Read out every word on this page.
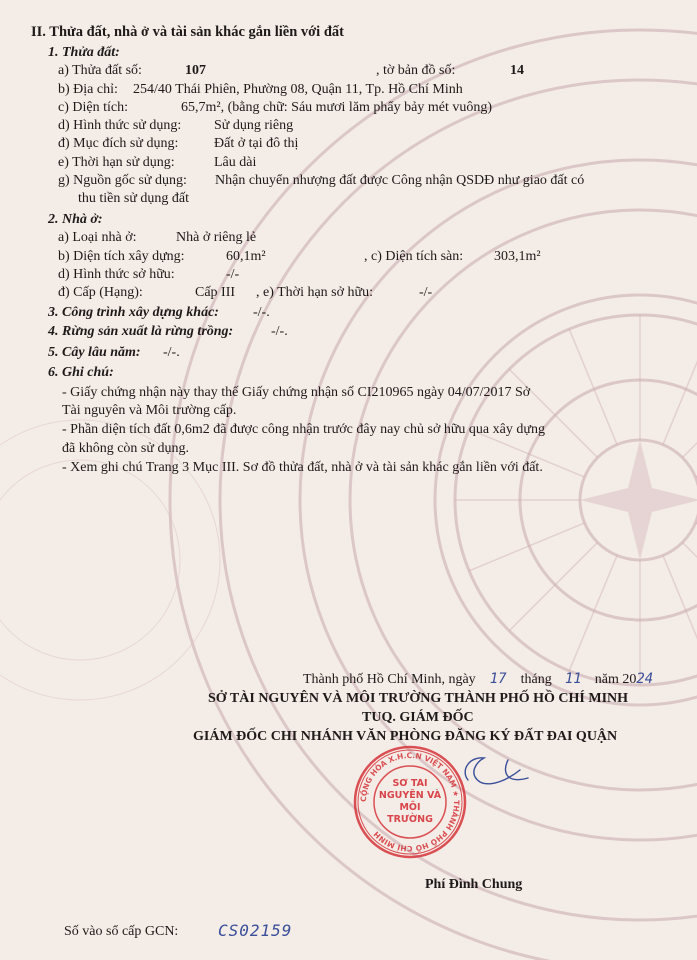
II. Thửa đất, nhà ở và tài sản khác gắn liền với đất
1. Thửa đất:
a) Thửa đất số:	107	, tờ bản đồ số:	14
b) Địa chỉ: 254/40 Thái Phiên, Phường 08, Quận 11, Tp. Hồ Chí Minh
c) Diện tích:	65,7m², (bằng chữ: Sáu mươi lăm phẩy bảy mét vuông)
d) Hình thức sử dụng: Sử dụng riêng
đ) Mục đích sử dụng:	Đất ở tại đô thị
e) Thời hạn sử dụng:	Lâu dài
g) Nguồn gốc sử dụng: Nhận chuyển nhượng đất được Công nhận QSDĐ như giao đất có
thu tiền sử dụng đất
2. Nhà ở:
a) Loại nhà ở:	Nhà ở riêng lẻ
b) Diện tích xây dựng:	60,1m²	, c) Diện tích sàn: 303,1m²
d) Hình thức sở hữu:	-/-
đ) Cấp (Hạng):	Cấp III , e) Thời hạn sở hữu:	-/-
3. Công trình xây dựng khác: -/-.
4. Rừng sản xuất là rừng trồng:	-/-.
5. Cây lâu năm: -/-.
6. Ghi chú:
- Giấy chứng nhận này thay thế Giấy chứng nhận số CI210965 ngày 04/07/2017 Sở
Tài nguyên và Môi trường cấp.
- Phần diện tích đất 0,6m2 đã được công nhận trước đây nay chủ sở hữu qua xây dựng
đã không còn sử dụng.
- Xem ghi chú Trang 3 Mục III. Sơ đồ thửa đất, nhà ở và tài sản khác gắn liền với đất.
Thành phố Hồ Chí Minh, ngày 17 tháng 11 năm 2024
SỞ TÀI NGUYÊN VÀ MÔI TRƯỜNG THÀNH PHỐ HỒ CHÍ MINH
TUQ. GIÁM ĐỐC
GIÁM ĐỐC CHI NHÁNH VĂN PHÒNG ĐĂNG KÝ ĐẤT ĐAI QUẬN
Phí Đình Chung
Số vào sổ cấp GCN: CS02159
CỘNG HÒA X.H.C.N VIỆT NAM ★ THÀNH PHỐ HỒ CHÍ MINH
SỞ TÀI NGUYÊN VÀ MÔI TRƯỜNG
